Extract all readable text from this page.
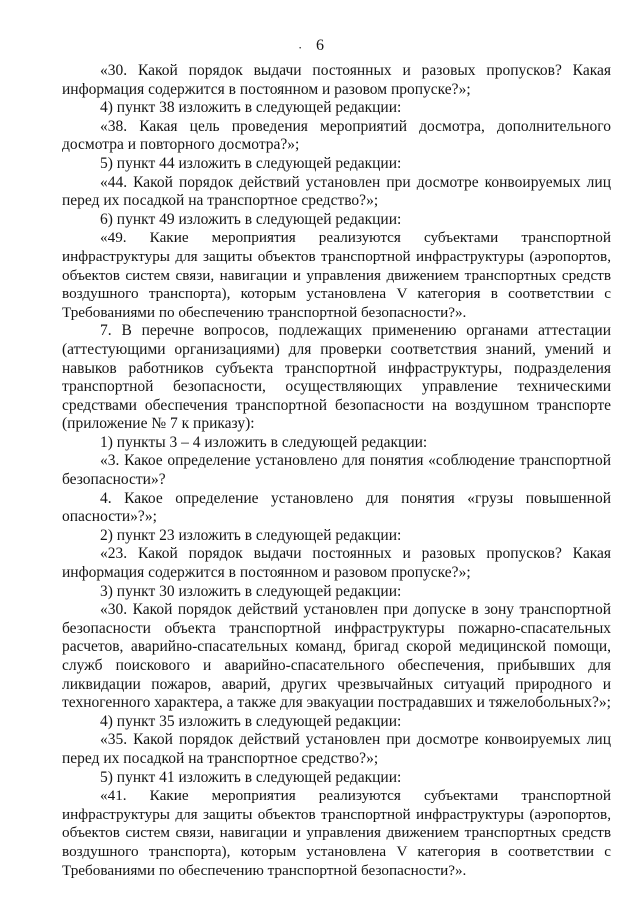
· 6

«30. Какой порядок выдачи постоянных и разовых пропусков? Какая информация содержится в постоянном и разовом пропуске?»;

4) пункт 38 изложить в следующей редакции:

«38. Какая цель проведения мероприятий досмотра, дополнительного досмотра и повторного досмотра?»;

5) пункт 44 изложить в следующей редакции:

«44. Какой порядок действий установлен при досмотре конвоируемых лиц перед их посадкой на транспортное средство?»;

6) пункт 49 изложить в следующей редакции:

«49. Какие мероприятия реализуются субъектами транспортной инфраструктуры для защиты объектов транспортной инфраструктуры (аэропортов, объектов систем связи, навигации и управления движением транспортных средств воздушного транспорта), которым установлена V категория в соответствии с Требованиями по обеспечению транспортной безопасности?».

7. В перечне вопросов, подлежащих применению органами аттестации (аттестующими организациями) для проверки соответствия знаний, умений и навыков работников субъекта транспортной инфраструктуры, подразделения транспортной безопасности, осуществляющих управление техническими средствами обеспечения транспортной безопасности на воздушном транспорте (приложение № 7 к приказу):

1) пункты 3 – 4 изложить в следующей редакции:

«3. Какое определение установлено для понятия «соблюдение транспортной безопасности»?

4. Какое определение установлено для понятия «грузы повышенной опасности»?»;

2) пункт 23 изложить в следующей редакции:

«23. Какой порядок выдачи постоянных и разовых пропусков? Какая информация содержится в постоянном и разовом пропуске?»;

3) пункт 30 изложить в следующей редакции:

«30. Какой порядок действий установлен при допуске в зону транспортной безопасности объекта транспортной инфраструктуры пожарно-спасательных расчетов, аварийно-спасательных команд, бригад скорой медицинской помощи, служб поискового и аварийно-спасательного обеспечения, прибывших для ликвидации пожаров, аварий, других чрезвычайных ситуаций природного и техногенного характера, а также для эвакуации пострадавших и тяжелобольных?»;

4) пункт 35 изложить в следующей редакции:

«35. Какой порядок действий установлен при досмотре конвоируемых лиц перед их посадкой на транспортное средство?»;

5) пункт 41 изложить в следующей редакции:

«41. Какие мероприятия реализуются субъектами транспортной инфраструктуры для защиты объектов транспортной инфраструктуры (аэропортов, объектов систем связи, навигации и управления движением транспортных средств воздушного транспорта), которым установлена V категория в соответствии с Требованиями по обеспечению транспортной безопасности?».
